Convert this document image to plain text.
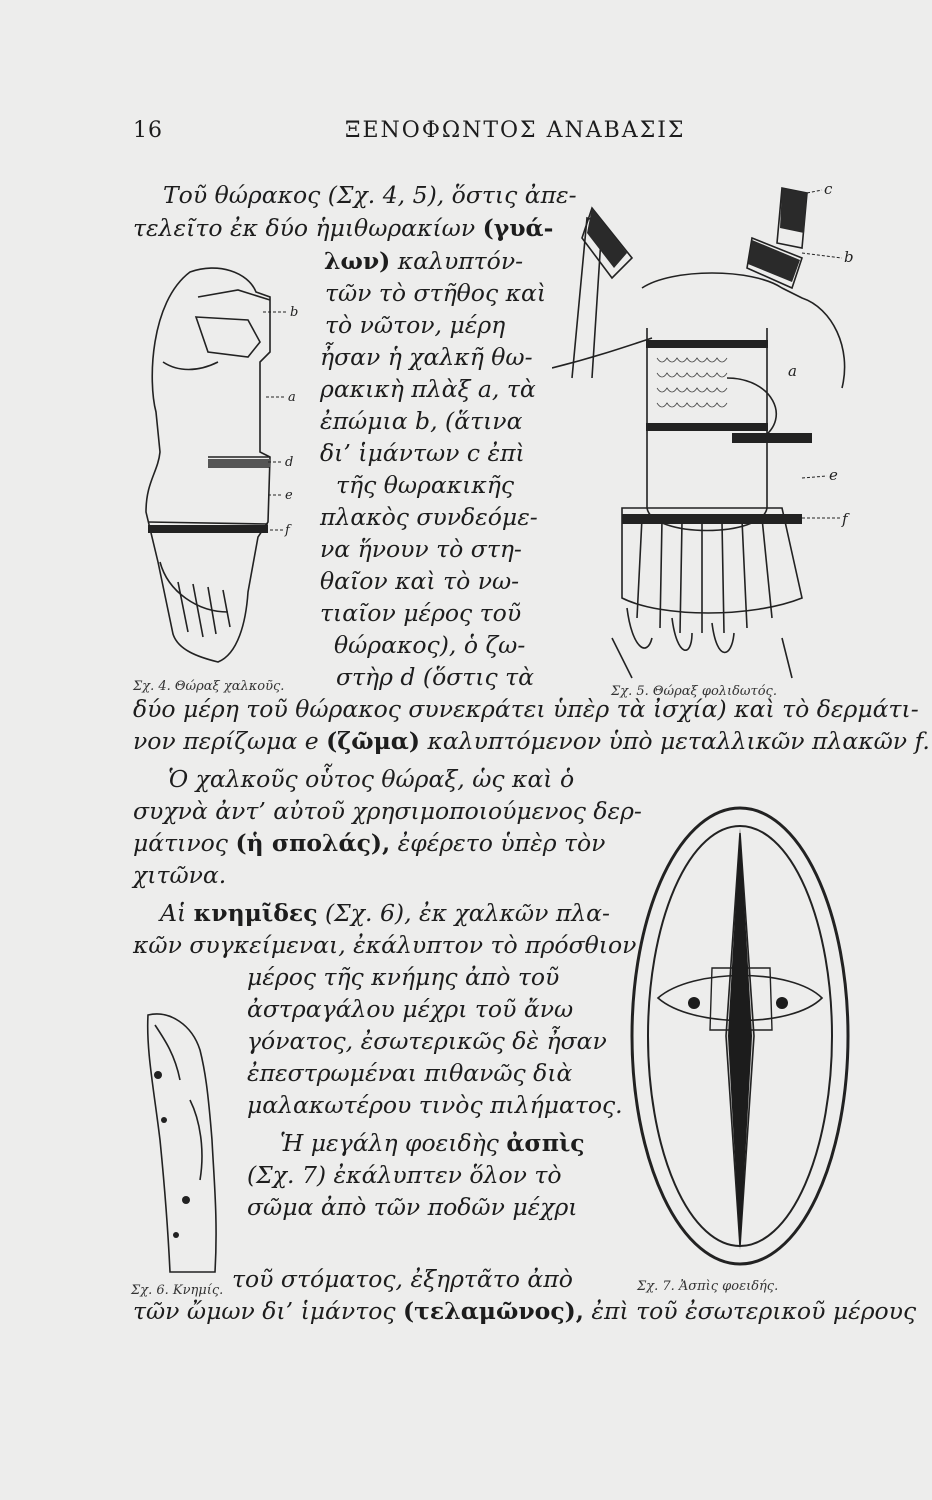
16	ΞΕΝΟΦΩΝΤΟΣ ΑΝΑΒΑΣΙΣ
b
a
d
e
f
Σχ. 4. Θώραξ χαλκοῦς.
c
b
a
e
f
Σχ. 5. Θώραξ φολιδωτός.
Σχ. 6. Κνημίς.	Σχ. 7. Ἀσπὶς φοειδής.
Τοῦ θώρακος (Σχ. 4, 5), ὅστις ἀπε-
τελεῖτο ἐκ δύο ἡμιθωρακίων (γυά-
λων) καλυπτόν-
τῶν τὸ στῆθος καὶ
τὸ νῶτον, μέρη
ἦσαν ἡ χαλκῆ θω-
ρακικὴ πλὰξ a, τὰ
ἐπώμια b, (ἅτινα
δι’ ἱμάντων c ἐπὶ
τῆς θωρακικῆς
πλακὸς συνδεόμε-
να ἥνουν τὸ στη-
θαῖον καὶ τὸ νω-
τιαῖον μέρος τοῦ
θώρακος), ὁ ζω-
στὴρ d (ὅστις τὰ
δύο μέρη τοῦ θώρακος συνεκράτει ὑπὲρ τὰ ἰσχία) καὶ τὸ δερμάτι-
νον περίζωμα e (ζῶμα) καλυπτόμενον ὑπὸ μεταλλικῶν πλακῶν f.
Ὁ χαλκοῦς οὗτος θώραξ, ὡς καὶ ὁ
συχνὰ ἀντ’ αὐτοῦ χρησιμοποιούμενος δερ-
μάτινος (ἡ σπολάς), ἐφέρετο ὑπὲρ τὸν
χιτῶνα.
Αἱ κνημῖδες (Σχ. 6), ἐκ χαλκῶν πλα-
κῶν συγκείμεναι, ἐκάλυπτον τὸ πρόσθιον
μέρος τῆς κνήμης ἀπὸ τοῦ
ἀστραγάλου μέχρι τοῦ ἄνω
γόνατος, ἐσωτερικῶς δὲ ἦσαν
ἐπεστρωμέναι πιθανῶς διὰ
μαλακωτέρου τινὸς πιλήματος.
Ἡ μεγάλη φοειδὴς ἀσπὶς
(Σχ. 7) ἐκάλυπτεν ὅλον τὸ
σῶμα ἀπὸ τῶν ποδῶν μέχρι
τοῦ στόματος, ἐξηρτᾶτο ἀπὸ
τῶν ὤμων δι’ ἱμάντος (τελαμῶνος), ἐπὶ τοῦ ἐσωτερικοῦ μέρους
